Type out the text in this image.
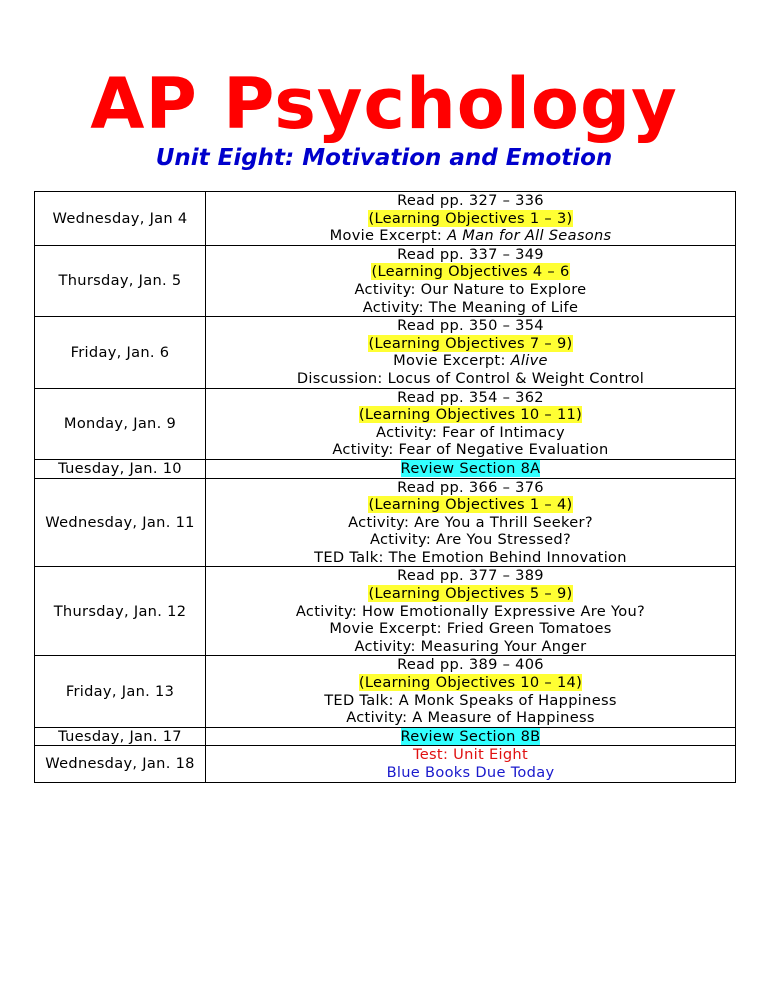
AP Psychology
Unit Eight: Motivation and Emotion
Wednesday, Jan 4	Read pp. 327 – 336
(Learning Objectives 1 – 3)
Movie Excerpt: A Man for All Seasons

Thursday, Jan. 5	Read pp. 337 – 349
(Learning Objectives 4 – 6
Activity: Our Nature to Explore
Activity: The Meaning of Life

Friday, Jan. 6	Read pp. 350 – 354
(Learning Objectives 7 – 9)
Movie Excerpt: Alive
Discussion: Locus of Control & Weight Control

Monday, Jan. 9	Read pp. 354 – 362
(Learning Objectives 10 – 11)
Activity: Fear of Intimacy
Activity: Fear of Negative Evaluation

Tuesday, Jan. 10	Review Section 8A

Wednesday, Jan. 11	Read pp. 366 – 376
(Learning Objectives 1 – 4)
Activity: Are You a Thrill Seeker?
Activity: Are You Stressed?
TED Talk: The Emotion Behind Innovation

Thursday, Jan. 12	Read pp. 377 – 389
(Learning Objectives 5 – 9)
Activity: How Emotionally Expressive Are You?
Movie Excerpt: Fried Green Tomatoes
Activity: Measuring Your Anger

Friday, Jan. 13	Read pp. 389 – 406
(Learning Objectives 10 – 14)
TED Talk: A Monk Speaks of Happiness
Activity: A Measure of Happiness

Tuesday, Jan. 17	Review Section 8B

Wednesday, Jan. 18	Test: Unit Eight
Blue Books Due Today
